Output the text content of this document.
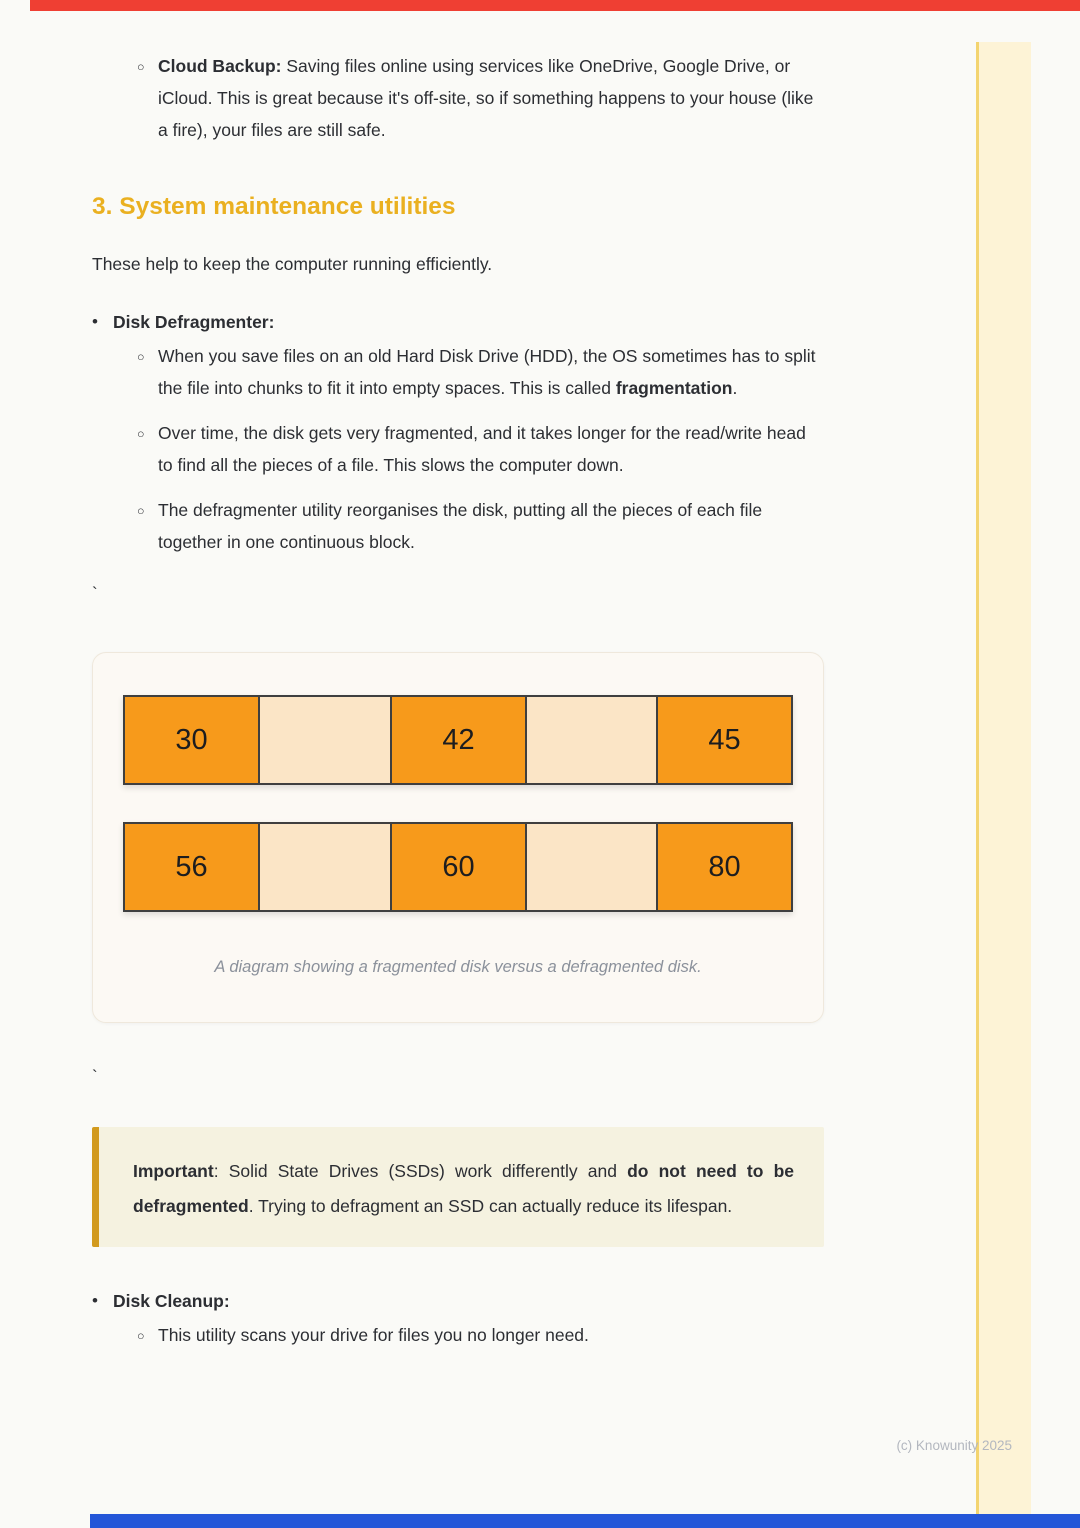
○ Cloud Backup: Saving files online using services like OneDrive, Google Drive, or iCloud. This is great because it's off-site, so if something happens to your house (like a fire), your files are still safe.

3. System maintenance utilities

These help to keep the computer running efficiently.

• Disk Defragmenter:

○ When you save files on an old Hard Disk Drive (HDD), the OS sometimes has to split the file into chunks to fit it into empty spaces. This is called fragmentation.

○ Over time, the disk gets very fragmented, and it takes longer for the read/write head to find all the pieces of a file. This slows the computer down.

○ The defragmenter utility reorganises the disk, putting all the pieces of each file together in one continuous block.

`
30	42	45
56	60	80

A diagram showing a fragmented disk versus a defragmented disk.

`

Important: Solid State Drives (SSDs) work differently and do not need to be defragmented. Trying to defragment an SSD can actually reduce its lifespan.

• Disk Cleanup:

○ This utility scans your drive for files you no longer need.

(c) Knowunity 2025
